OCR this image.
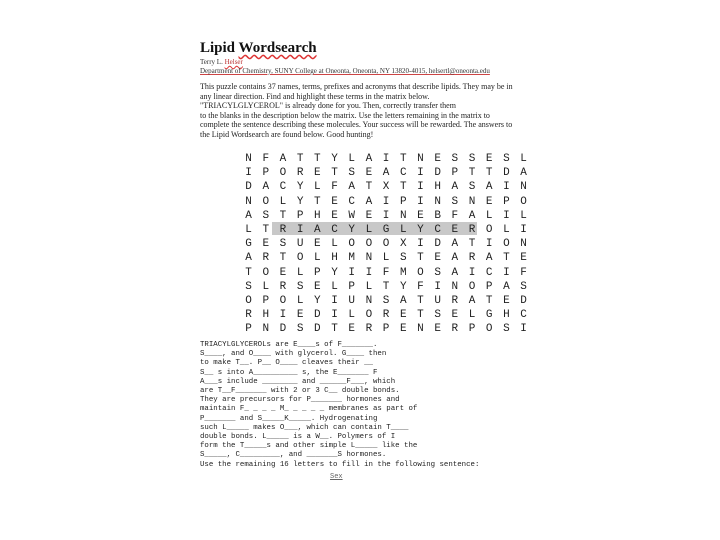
Lipid Wordsearch
Terry L. Helser
Department of Chemistry, SUNY College at Oneonta, Oneonta, NY 13820-4015, helsertl@oneonta.edu
This puzzle contains 37 names, terms, prefixes and acronyms that describe lipids. They may be in
any linear direction. Find and highlight these terms in the matrix below.
"TRIACYLGLYCEROL" is already done for you. Then, correctly transfer them
to the blanks in the description below the matrix. Use the letters remaining in the matrix to
complete the sentence describing these molecules. Your success will be rewarded. The answers to
the Lipid Wordsearch are found below. Good hunting!
N F A T T Y L A I T N E S S E S L
I P O R E T S E A C I D P T T D A
D A C Y L F A T X T I H A S A I N
N O L Y T E C A I P I N S N E P O
A S T P H E W E I N E B F A L I L
L T R I A C Y L G L Y C E R O L I
G E S U E L O O O X I D A T I O N
A R T O L H M N L S T E A R A T E
T O E L P Y I I F M O S A I C I F
S L R S E L P L T Y F I N O P A S
O P O L Y I U N S A T U R A T E D
R H I E D I L O R E T S E L G H C
P N D S D T E R P E N E R P O S I
TRIACYLGLYCEROLs are E____s of F_______.
S____, and O____ with glycerol. G____ then
to make T__. P__ O____ cleaves their __
S__ s into A__________ s, the E_______ F
A___s include ________ and ______F___, which
are T__F_______ with 2 or 3 C__ double bonds.
They are precursors for P_______ hormones and
maintain F_ _ _ _ M_ _ _ _ _ membranes as part of
P_______ and S_____K_____. Hydrogenating
such L_____ makes O___, which can contain T____
double bonds. L_____ is a W__. Polymers of I
form the T_____s and other simple L_____ like the
S_____, C_________, and _______S hormones.
Use the remaining 16 letters to fill in the following sentence:
Sex
